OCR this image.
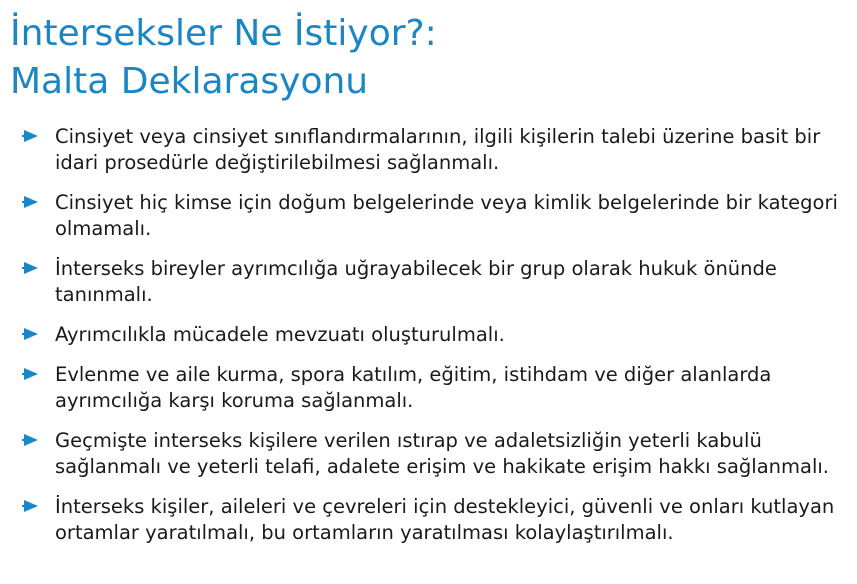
İnterseksler Ne İstiyor?:
Malta Deklarasyonu
Cinsiyet veya cinsiyet sınıflandırmalarının, ilgili kişilerin talebi üzerine basit bir idari prosedürle değiştirilebilmesi sağlanmalı.
Cinsiyet hiç kimse için doğum belgelerinde veya kimlik belgelerinde bir kategori olmamalı.
İnterseks bireyler ayrımcılığa uğrayabilecek bir grup olarak hukuk önünde tanınmalı.
Ayrımcılıkla mücadele mevzuatı oluşturulmalı.
Evlenme ve aile kurma, spora katılım, eğitim, istihdam ve diğer alanlarda ayrımcılığa karşı koruma sağlanmalı.
Geçmişte interseks kişilere verilen ıstırap ve adaletsizliğin yeterli kabulü sağlanmalı ve yeterli telafi, adalete erişim ve hakikate erişim hakkı sağlanmalı.
İnterseks kişiler, aileleri ve çevreleri için destekleyici, güvenli ve onları kutlayan ortamlar yaratılmalı, bu ortamların yaratılması kolaylaştırılmalı.
